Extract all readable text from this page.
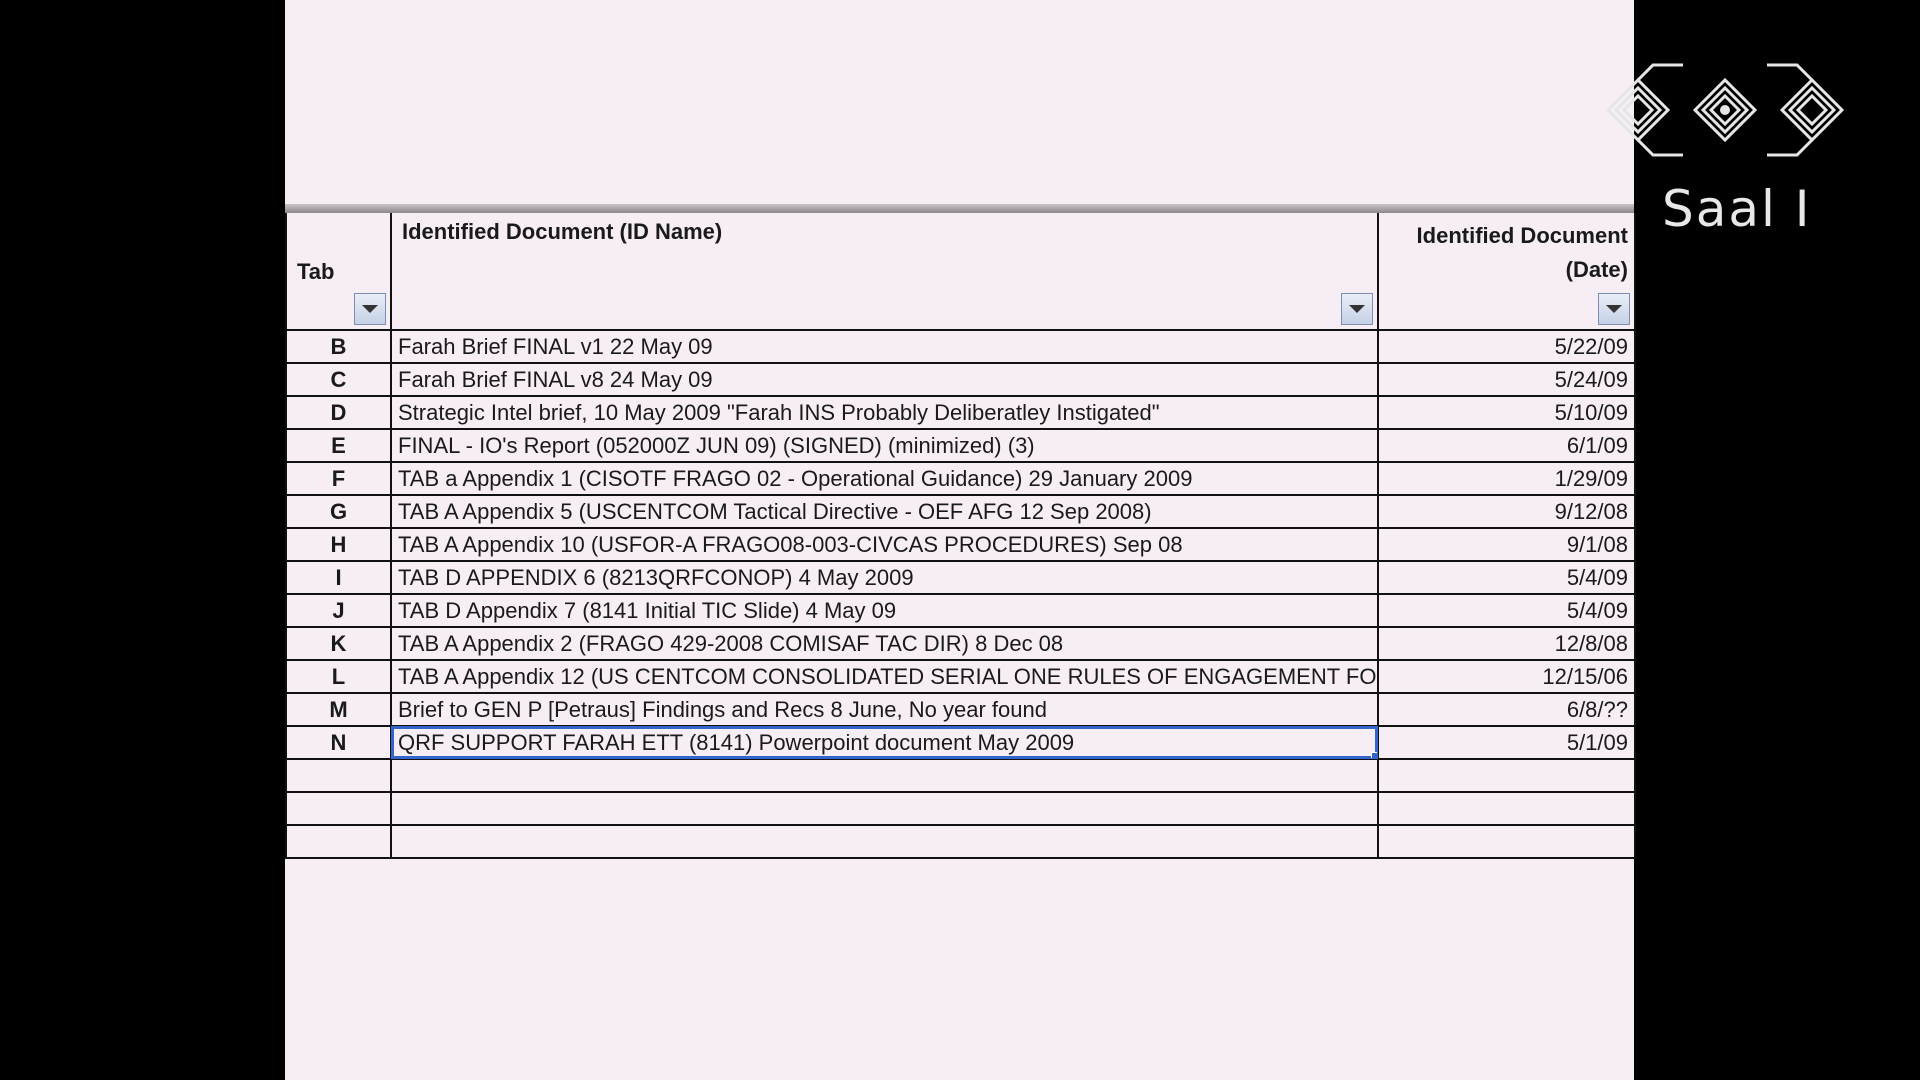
Tab	Identified Document (ID Name)	Identified Document
(Date)

B	Farah Brief FINAL v1 22 May 09	5/22/09
C	Farah Brief FINAL v8 24 May 09	5/24/09
D	Strategic Intel brief, 10 May 2009 "Farah INS Probably Deliberatley Instigated"	5/10/09
E	FINAL - IO's Report (052000Z JUN 09) (SIGNED) (minimized) (3)	6/1/09
F	TAB a Appendix 1 (CISOTF FRAGO 02 - Operational Guidance) 29 January 2009	1/29/09
G	TAB A Appendix 5 (USCENTCOM Tactical Directive - OEF AFG 12 Sep 2008)	9/12/08
H	TAB A Appendix 10 (USFOR-A FRAGO08-003-CIVCAS PROCEDURES) Sep 08	9/1/08
I	TAB D APPENDIX 6 (8213QRFCONOP) 4 May 2009	5/4/09
J	TAB D Appendix 7 (8141 Initial TIC Slide) 4 May 09	5/4/09
K	TAB A Appendix 2 (FRAGO 429-2008 COMISAF TAC DIR) 8 Dec 08	12/8/08
L	TAB A Appendix 12 (US CENTCOM CONSOLIDATED SERIAL ONE RULES OF ENGAGEMENT FO	12/15/06
M	Brief to GEN P [Petraus] Findings and Recs 8 June, No year found	6/8/??
N	QRF SUPPORT FARAH ETT (8141) Powerpoint document May 2009	5/1/09

Saal I
